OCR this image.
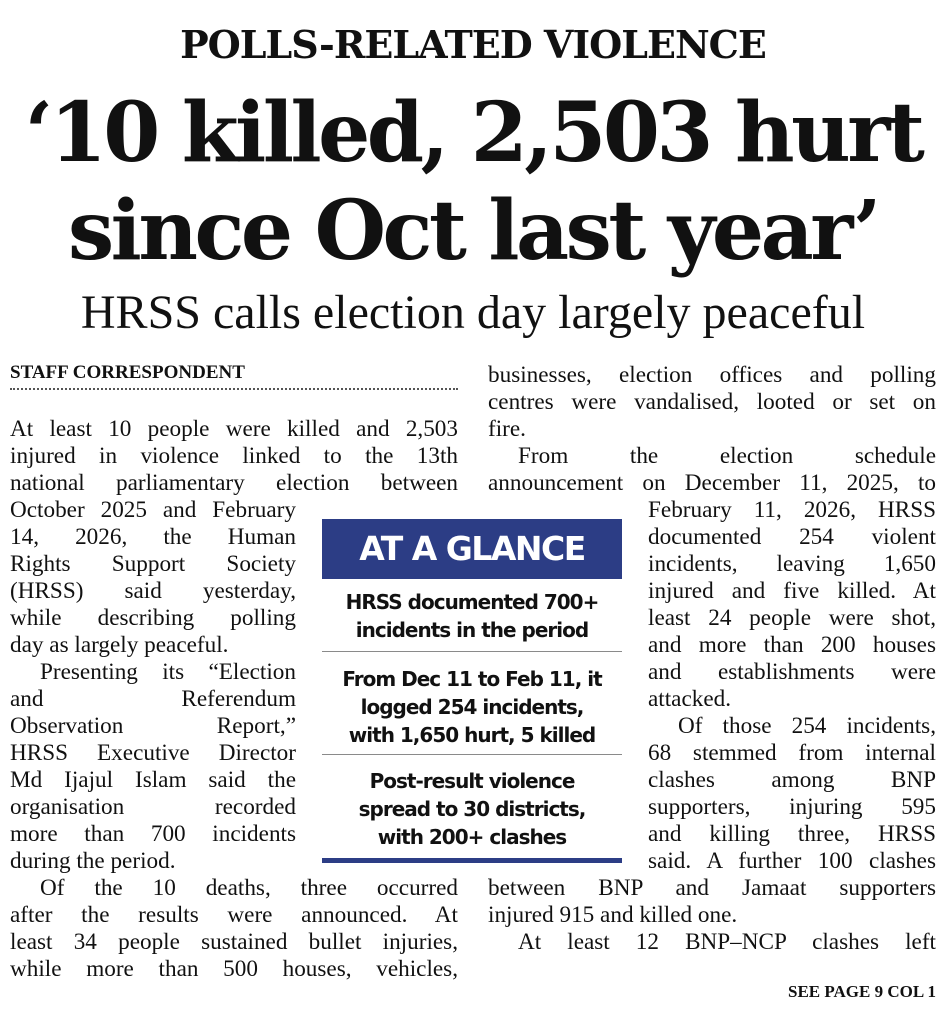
POLLS-RELATED VIOLENCE
‘10 killed, 2,503 hurt
since Oct last year’
HRSS calls election day largely peaceful
STAFF CORRESPONDENT
At least 10 people were killed and 2,503
injured in violence linked to the 13th
national parliamentary election between
October 2025 and February
14, 2026, the Human
Rights Support Society
(HRSS) said yesterday,
while describing polling
day as largely peaceful.
Presenting its “Election
and Referendum
Observation Report,”
HRSS Executive Director
Md Ijajul Islam said the
organisation recorded
more than 700 incidents
during the period.
Of the 10 deaths, three occurred
after the results were announced. At
least 34 people sustained bullet injuries,
while more than 500 houses, vehicles,
businesses, election offices and polling
centres were vandalised, looted or set on
fire.
From the election schedule
announcement on December 11, 2025, to
February 11, 2026, HRSS
documented 254 violent
incidents, leaving 1,650
injured and five killed. At
least 24 people were shot,
and more than 200 houses
and establishments were
attacked.
Of those 254 incidents,
68 stemmed from internal
clashes among BNP
supporters, injuring 595
and killing three, HRSS
said. A further 100 clashes
between BNP and Jamaat supporters
injured 915 and killed one.
At least 12 BNP–NCP clashes left
AT A GLANCE
HRSS documented 700+
incidents in the period
From Dec 11 to Feb 11, it
logged 254 incidents,
with 1,650 hurt, 5 killed
Post-result violence
spread to 30 districts,
with 200+ clashes
SEE PAGE 9 COL 1
